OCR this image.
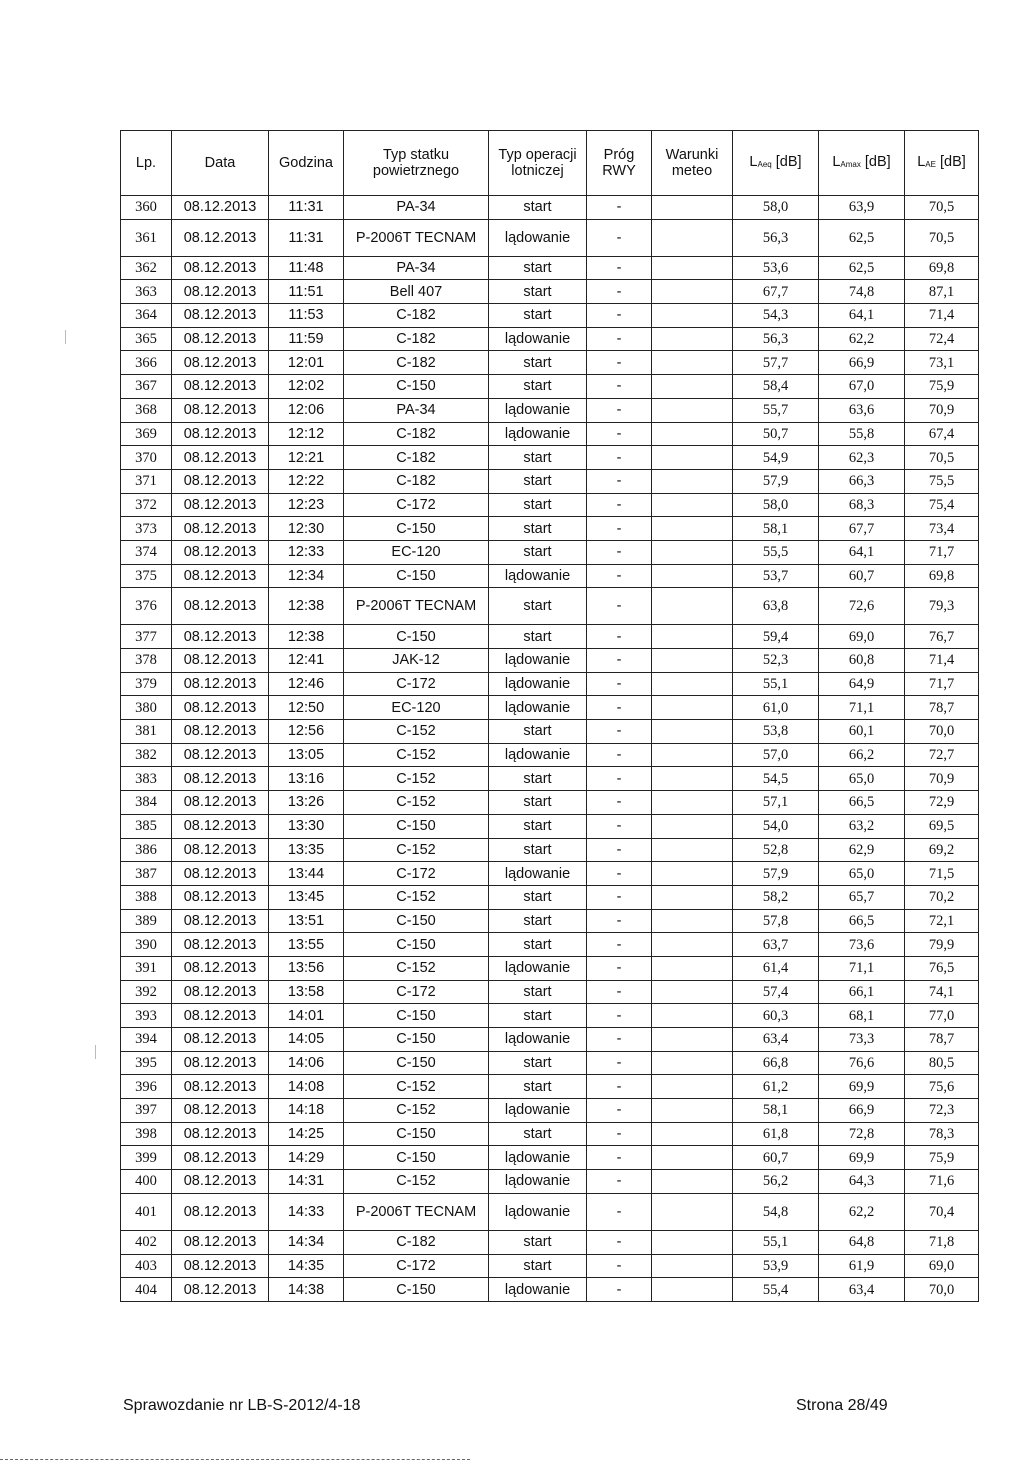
Lp.	Data	Godzina	Typ statku powietrznego	Typ operacji lotniczej	Próg RWY	Warunki meteo	LAeq [dB]	LAmax [dB]	LAE [dB]
360	08.12.2013	11:31	PA-34	start	-		58,0	63,9	70,5
361	08.12.2013	11:31	P-2006T TECNAM	lądowanie	-		56,3	62,5	70,5
362	08.12.2013	11:48	PA-34	start	-		53,6	62,5	69,8
363	08.12.2013	11:51	Bell 407	start	-		67,7	74,8	87,1
364	08.12.2013	11:53	C-182	start	-		54,3	64,1	71,4
365	08.12.2013	11:59	C-182	lądowanie	-		56,3	62,2	72,4
366	08.12.2013	12:01	C-182	start	-		57,7	66,9	73,1
367	08.12.2013	12:02	C-150	start	-		58,4	67,0	75,9
368	08.12.2013	12:06	PA-34	lądowanie	-		55,7	63,6	70,9
369	08.12.2013	12:12	C-182	lądowanie	-		50,7	55,8	67,4
370	08.12.2013	12:21	C-182	start	-		54,9	62,3	70,5
371	08.12.2013	12:22	C-182	start	-		57,9	66,3	75,5
372	08.12.2013	12:23	C-172	start	-		58,0	68,3	75,4
373	08.12.2013	12:30	C-150	start	-		58,1	67,7	73,4
374	08.12.2013	12:33	EC-120	start	-		55,5	64,1	71,7
375	08.12.2013	12:34	C-150	lądowanie	-		53,7	60,7	69,8
376	08.12.2013	12:38	P-2006T TECNAM	start	-		63,8	72,6	79,3
377	08.12.2013	12:38	C-150	start	-		59,4	69,0	76,7
378	08.12.2013	12:41	JAK-12	lądowanie	-		52,3	60,8	71,4
379	08.12.2013	12:46	C-172	lądowanie	-		55,1	64,9	71,7
380	08.12.2013	12:50	EC-120	lądowanie	-		61,0	71,1	78,7
381	08.12.2013	12:56	C-152	start	-		53,8	60,1	70,0
382	08.12.2013	13:05	C-152	lądowanie	-		57,0	66,2	72,7
383	08.12.2013	13:16	C-152	start	-		54,5	65,0	70,9
384	08.12.2013	13:26	C-152	start	-		57,1	66,5	72,9
385	08.12.2013	13:30	C-150	start	-		54,0	63,2	69,5
386	08.12.2013	13:35	C-152	start	-		52,8	62,9	69,2
387	08.12.2013	13:44	C-172	lądowanie	-		57,9	65,0	71,5
388	08.12.2013	13:45	C-152	start	-		58,2	65,7	70,2
389	08.12.2013	13:51	C-150	start	-		57,8	66,5	72,1
390	08.12.2013	13:55	C-150	start	-		63,7	73,6	79,9
391	08.12.2013	13:56	C-152	lądowanie	-		61,4	71,1	76,5
392	08.12.2013	13:58	C-172	start	-		57,4	66,1	74,1
393	08.12.2013	14:01	C-150	start	-		60,3	68,1	77,0
394	08.12.2013	14:05	C-150	lądowanie	-		63,4	73,3	78,7
395	08.12.2013	14:06	C-150	start	-		66,8	76,6	80,5
396	08.12.2013	14:08	C-152	start	-		61,2	69,9	75,6
397	08.12.2013	14:18	C-152	lądowanie	-		58,1	66,9	72,3
398	08.12.2013	14:25	C-150	start	-		61,8	72,8	78,3
399	08.12.2013	14:29	C-150	lądowanie	-		60,7	69,9	75,9
400	08.12.2013	14:31	C-152	lądowanie	-		56,2	64,3	71,6
401	08.12.2013	14:33	P-2006T TECNAM	lądowanie	-		54,8	62,2	70,4
402	08.12.2013	14:34	C-182	start	-		55,1	64,8	71,8
403	08.12.2013	14:35	C-172	start	-		53,9	61,9	69,0
404	08.12.2013	14:38	C-150	lądowanie	-		55,4	63,4	70,0
Sprawozdanie nr LB-S-2012/4-18	Strona 28/49
